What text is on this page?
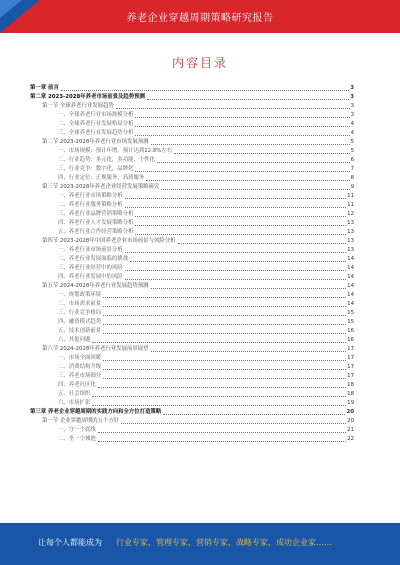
养老企业穿越周期策略研究报告
内容目录
第一章 前言	3
第二章 2023-2028年养老市场前景及趋势预测	3
第一节 全球养老行业发展趋势	3
一、全球养老行业市场规模分析	3
二、全球养老行业发展格局分析	4
三、全球养老行业发展趋势分析	4
第二节 2023-2028年养老行业市场发展预测	5
一、市场规模：预计年增，预计达到12.8%左右	5
二、行业趋势：多元化，多功能，个性化	6
三、行业竞争：数字化，品牌化	7
四、行业定位：正规服务，高质服务	8
第三节 2023-2028年养老企业经营发展策略研究	9
一、养老行业市场策略分析	11
二、养老行业服务策略分析	11
三、养老行业品牌营销策略分析	12
四、养老行业人才发展策略分析	13
五、养老行业合作经营策略分析	13
第四节 2023-2028年中国养老企业市场前景与风险分析	13
一、养老行业市场前景分析	13
二、养老行业发展面临的挑战	14
三、养老行业经营中的风险	14
四、养老行业发展中的风险	14
第五节 2024-2028年养老行业发展趋势预测	14
一、规划政策环境	14
二、市场需求前景	14
三、行业竞争格局	15
四、融资模式趋势	15
五、技术创新前景	16
六、其他问题	16
第六节 2024-2028年养老行业发展前景展望	17
一、市场全面回暖	17
二、消费结构升级	17
三、养老市场细分	17
四、养老社区化	18
五、社会组织	18
六、市场扩张	19
第三章 养老企业穿越周期的实践方向和全方位打造策略	20
第一节 企业穿越周期的五个方针	20
一、守一个底线	21
二、坐一个城池	22
让每个人都能成为 行业专家、管理专家、营销专家、战略专家、成功企业家……
